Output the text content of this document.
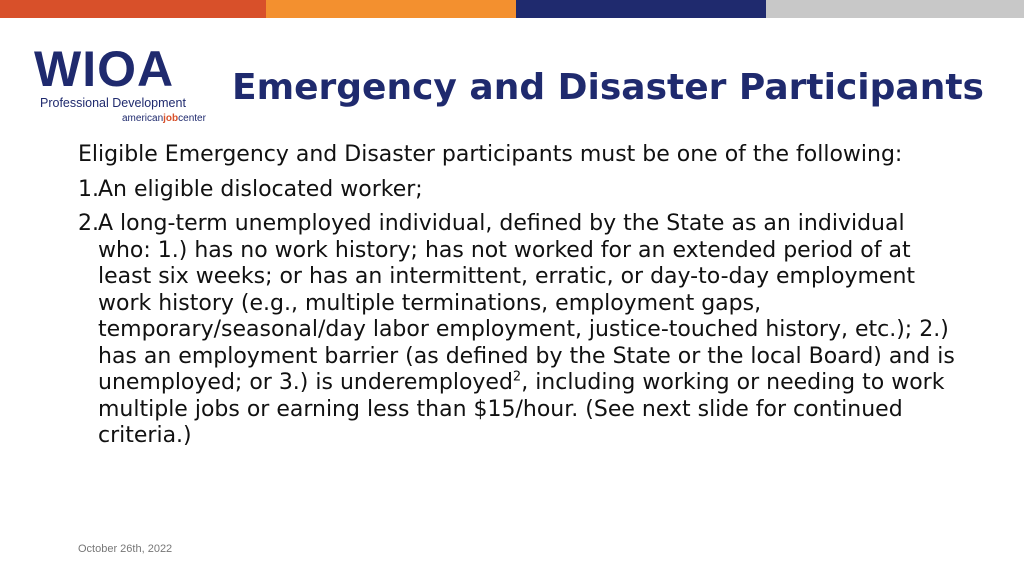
WIOA
Professional Development
americanjobcenter
Emergency and Disaster Participants

Eligible Emergency and Disaster participants must be one of the following:

1.An eligible dislocated worker;
2.A long-term unemployed individual, defined by the State as an individual who: 1.) has no work history; has not worked for an extended period of at least six weeks; or has an intermittent, erratic, or day-to-day employment work history (e.g., multiple terminations, employment gaps, temporary/seasonal/day labor employment, justice-touched history, etc.); 2.) has an employment barrier (as defined by the State or the local Board) and is unemployed; or 3.) is underemployed$^2$, including working or needing to work multiple jobs or earning less than $15/hour. (See next slide for continued criteria.)
October 26th, 2022
